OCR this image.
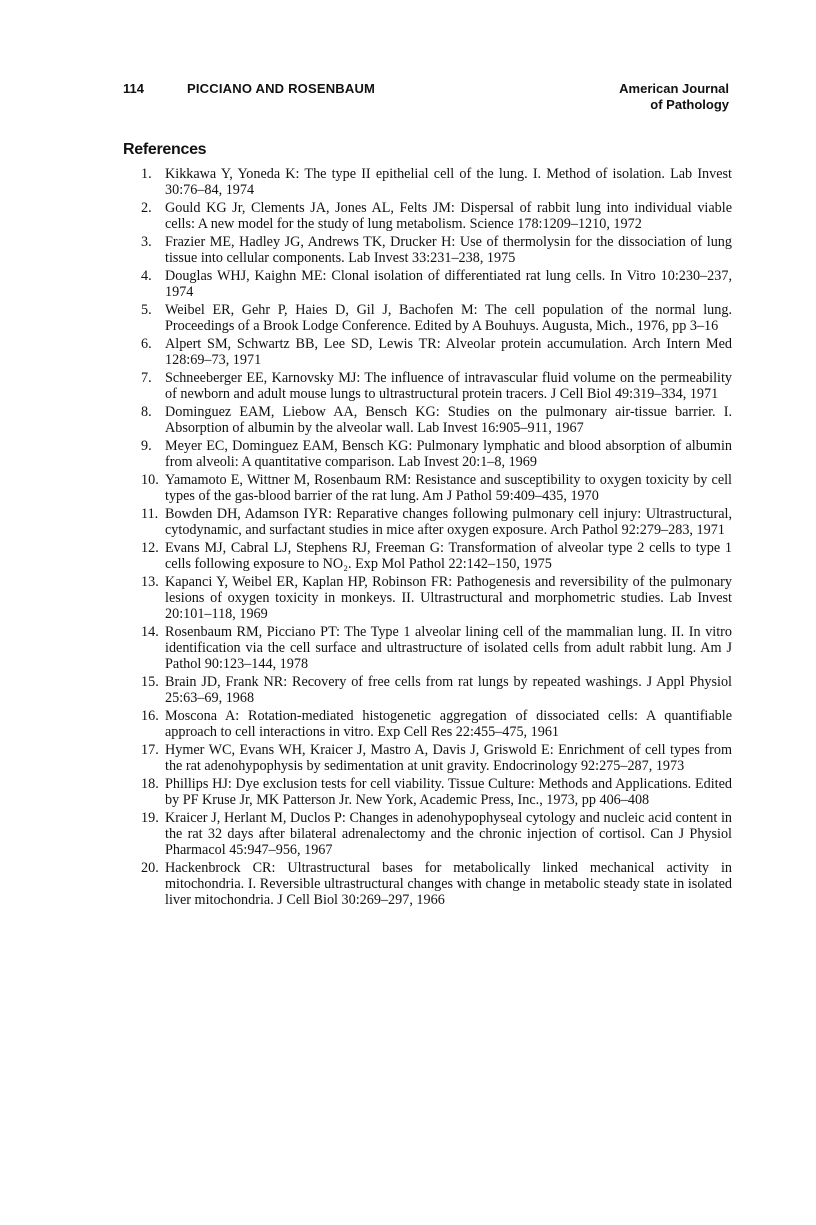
114	PICCIANO AND ROSENBAUM	American Journal
of Pathology
References
1. Kikkawa Y, Yoneda K: The type II epithelial cell of the lung. I. Method of isolation. Lab Invest 30:76–84, 1974
2. Gould KG Jr, Clements JA, Jones AL, Felts JM: Dispersal of rabbit lung into individual viable cells: A new model for the study of lung metabolism. Science 178:1209–1210, 1972
3. Frazier ME, Hadley JG, Andrews TK, Drucker H: Use of thermolysin for the dissociation of lung tissue into cellular components. Lab Invest 33:231–238, 1975
4. Douglas WHJ, Kaighn ME: Clonal isolation of differentiated rat lung cells. In Vitro 10:230–237, 1974
5. Weibel ER, Gehr P, Haies D, Gil J, Bachofen M: The cell population of the normal lung. Proceedings of a Brook Lodge Conference. Edited by A Bouhuys. Augusta, Mich., 1976, pp 3–16
6. Alpert SM, Schwartz BB, Lee SD, Lewis TR: Alveolar protein accumulation. Arch Intern Med 128:69–73, 1971
7. Schneeberger EE, Karnovsky MJ: The influence of intravascular fluid volume on the permeability of newborn and adult mouse lungs to ultrastructural protein tracers. J Cell Biol 49:319–334, 1971
8. Dominguez EAM, Liebow AA, Bensch KG: Studies on the pulmonary air-tissue barrier. I. Absorption of albumin by the alveolar wall. Lab Invest 16:905–911, 1967
9. Meyer EC, Dominguez EAM, Bensch KG: Pulmonary lymphatic and blood absorption of albumin from alveoli: A quantitative comparison. Lab Invest 20:1–8, 1969
10. Yamamoto E, Wittner M, Rosenbaum RM: Resistance and susceptibility to oxygen toxicity by cell types of the gas-blood barrier of the rat lung. Am J Pathol 59:409–435, 1970
11. Bowden DH, Adamson IYR: Reparative changes following pulmonary cell injury: Ultrastructural, cytodynamic, and surfactant studies in mice after oxygen exposure. Arch Pathol 92:279–283, 1971
12. Evans MJ, Cabral LJ, Stephens RJ, Freeman G: Transformation of alveolar type 2 cells to type 1 cells following exposure to NO₂. Exp Mol Pathol 22:142–150, 1975
13. Kapanci Y, Weibel ER, Kaplan HP, Robinson FR: Pathogenesis and reversibility of the pulmonary lesions of oxygen toxicity in monkeys. II. Ultrastructural and morphometric studies. Lab Invest 20:101–118, 1969
14. Rosenbaum RM, Picciano PT: The Type 1 alveolar lining cell of the mammalian lung. II. In vitro identification via the cell surface and ultrastructure of isolated cells from adult rabbit lung. Am J Pathol 90:123–144, 1978
15. Brain JD, Frank NR: Recovery of free cells from rat lungs by repeated washings. J Appl Physiol 25:63–69, 1968
16. Moscona A: Rotation-mediated histogenetic aggregation of dissociated cells: A quantifiable approach to cell interactions in vitro. Exp Cell Res 22:455–475, 1961
17. Hymer WC, Evans WH, Kraicer J, Mastro A, Davis J, Griswold E: Enrichment of cell types from the rat adenohypophysis by sedimentation at unit gravity. Endocrinology 92:275–287, 1973
18. Phillips HJ: Dye exclusion tests for cell viability. Tissue Culture: Methods and Applications. Edited by PF Kruse Jr, MK Patterson Jr. New York, Academic Press, Inc., 1973, pp 406–408
19. Kraicer J, Herlant M, Duclos P: Changes in adenohypophyseal cytology and nucleic acid content in the rat 32 days after bilateral adrenalectomy and the chronic injection of cortisol. Can J Physiol Pharmacol 45:947–956, 1967
20. Hackenbrock CR: Ultrastructural bases for metabolically linked mechanical activity in mitochondria. I. Reversible ultrastructural changes with change in metabolic steady state in isolated liver mitochondria. J Cell Biol 30:269–297, 1966
